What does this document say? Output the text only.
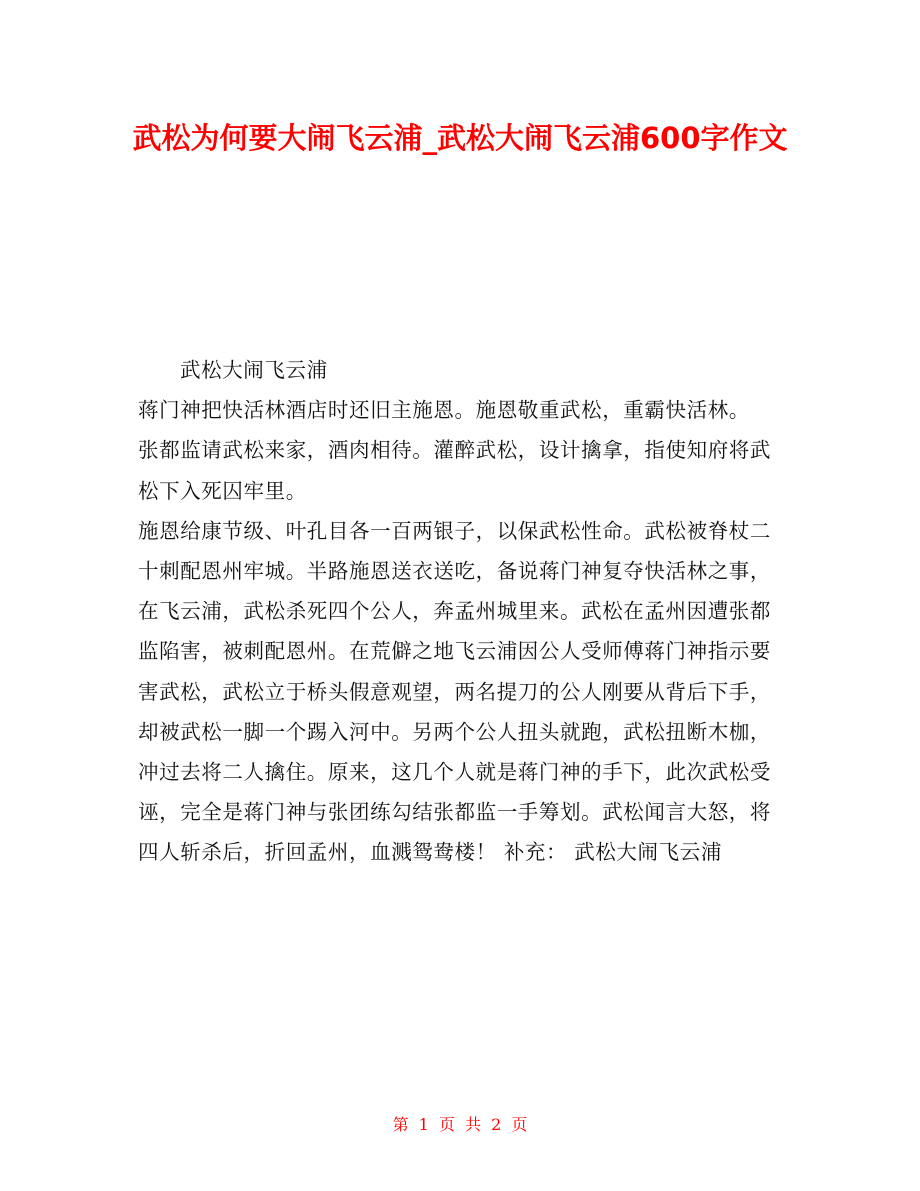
武松为何要大闹飞云浦_武松大闹飞云浦600字作文

武松大闹飞云浦

蒋门神把快活林酒店时还旧主施恩。施恩敬重武松，重霸快活林。

张都监请武松来家，酒肉相待。灌醉武松，设计擒拿，指使知府将武松下入死囚牢里。

施恩给康节级、叶孔目各一百两银子，以保武松性命。武松被脊杖二十刺配恩州牢城。半路施恩送衣送吃，备说蒋门神复夺快活林之事，在飞云浦，武松杀死四个公人，奔孟州城里来。武松在孟州因遭张都监陷害，被刺配恩州。在荒僻之地飞云浦因公人受师傅蒋门神指示要害武松，武松立于桥头假意观望，两名提刀的公人刚要从背后下手，却被武松一脚一个踢入河中。另两个公人扭头就跑，武松扭断木枷，冲过去将二人擒住。原来，这几个人就是蒋门神的手下，此次武松受诬，完全是蒋门神与张团练勾结张都监一手筹划。武松闻言大怒，将四人斩杀后，折回孟州，血溅鸳鸯楼！ 补充： 武松大闹飞云浦

第 1 页 共 2 页
